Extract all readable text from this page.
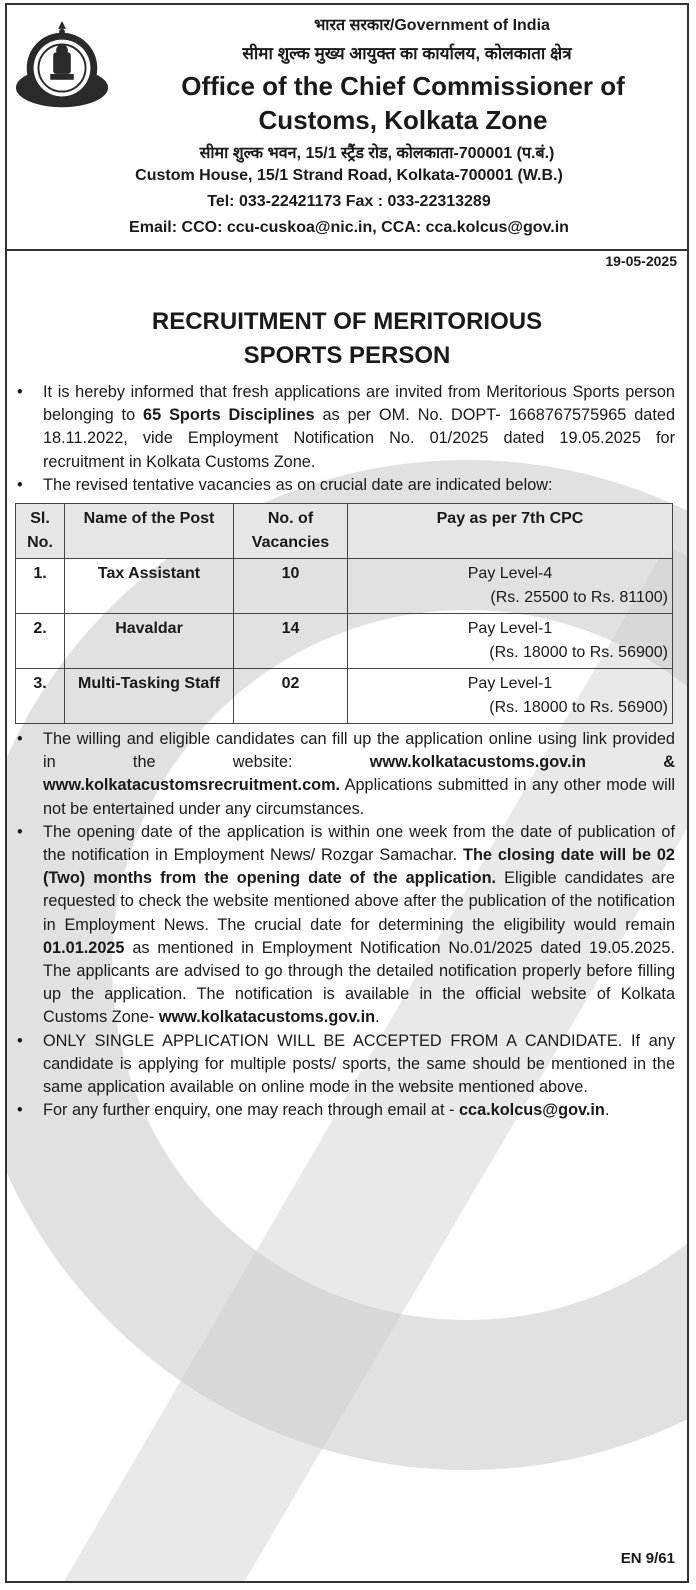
भारत सरकार/Government of India
सीमा शुल्क मुख्य आयुक्त का कार्यालय, कोलकाता क्षेत्र
Office of the Chief Commissioner of
Customs, Kolkata Zone
सीमा शुल्क भवन, 15/1 स्ट्रैंड रोड, कोलकाता-700001 (प.बं.)
Custom House, 15/1 Strand Road, Kolkata-700001 (W.B.)
Tel: 033-22421173 Fax : 033-22313289
Email: CCO: ccu-cuskoa@nic.in, CCA: cca.kolcus@gov.in
19-05-2025
RECRUITMENT OF MERITORIOUS
SPORTS PERSON

• It is hereby informed that fresh applications are invited from Meritorious Sports person belonging to 65 Sports Disciplines as per OM. No. DOPT- 1668767575965 dated 18.11.2022, vide Employment Notification No. 01/2025 dated 19.05.2025 for recruitment in Kolkata Customs Zone.

• The revised tentative vacancies as on crucial date are indicated below:

Sl. No.	Name of the Post	No. of Vacancies	Pay as per 7th CPC
1.	Tax Assistant	10	Pay Level-4
(Rs. 25500 to Rs. 81100)

2.	Havaldar	14	Pay Level-1
(Rs. 18000 to Rs. 56900)

3.	Multi-Tasking Staff	02	Pay Level-1
(Rs. 18000 to Rs. 56900)

• The willing and eligible candidates can fill up the application online using link provided in the website: www.kolkatacustoms.gov.in & www.kolkatacustomsrecruitment.com. Applications submitted in any other mode will not be entertained under any circumstances.

• The opening date of the application is within one week from the date of publication of the notification in Employment News/ Rozgar Samachar. The closing date will be 02 (Two) months from the opening date of the application. Eligible candidates are requested to check the website mentioned above after the publication of the notification in Employment News. The crucial date for determining the eligibility would remain 01.01.2025 as mentioned in Employment Notification No.01/2025 dated 19.05.2025. The applicants are advised to go through the detailed notification properly before filling up the application. The notification is available in the official website of Kolkata Customs Zone- www.kolkatacustoms.gov.in.

• ONLY SINGLE APPLICATION WILL BE ACCEPTED FROM A CANDIDATE. If any candidate is applying for multiple posts/ sports, the same should be mentioned in the same application available on online mode in the website mentioned above.

• For any further enquiry, one may reach through email at - cca.kolcus@gov.in.

EN 9/61
